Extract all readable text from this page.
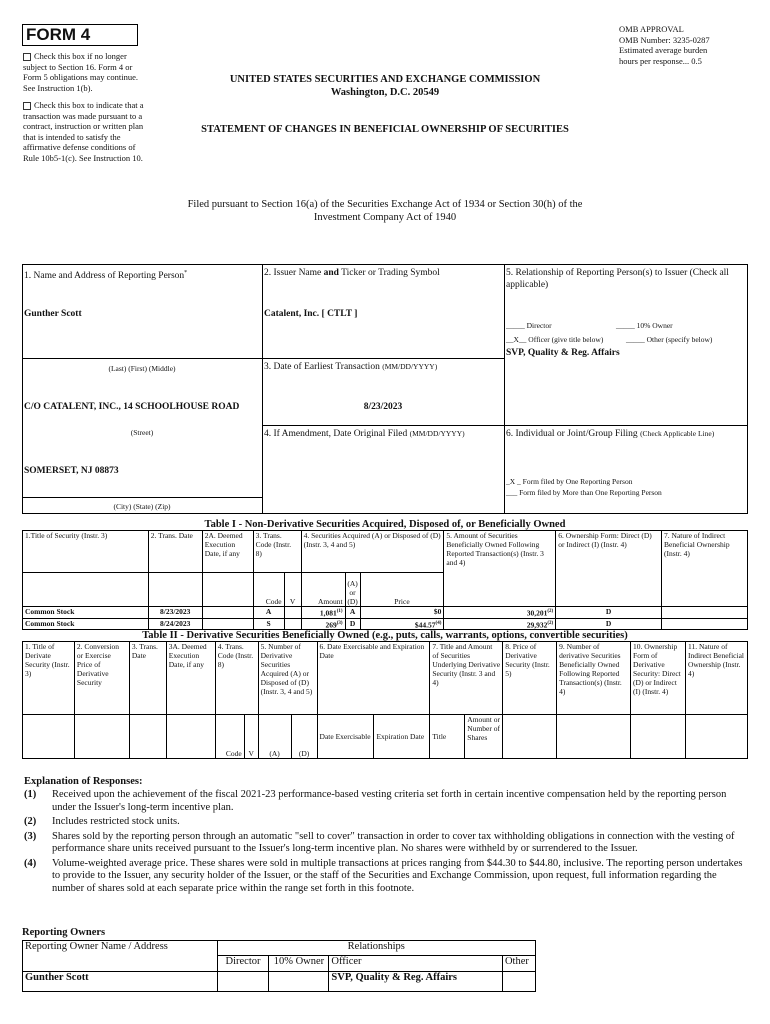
FORM 4	OMB APPROVAL
OMB Number: 3235-0287
Estimated average burden
hours per response... 0.5
Check this box if no longer subject to Section 16. Form 4 or Form 5 obligations may continue. See Instruction 1(b).
Check this box to indicate that a transaction was made pursuant to a contract, instruction or written plan that is intended to satisfy the affirmative defense conditions of Rule 10b5-1(c). See Instruction 10.
UNITED STATES SECURITIES AND EXCHANGE COMMISSION
Washington, D.C. 20549
STATEMENT OF CHANGES IN BENEFICIAL OWNERSHIP OF SECURITIES
Filed pursuant to Section 16(a) of the Securities Exchange Act of 1934 or Section 30(h) of the
Investment Company Act of 1940
1. Name and Address of Reporting Person*
Gunther Scott
(Last) (First) (Middle)
C/O CATALENT, INC., 14 SCHOOLHOUSE ROAD
(Street)
SOMERSET, NJ 08873
(City) (State) (Zip)
2. Issuer Name and Ticker or Trading Symbol
Catalent, Inc. [ CTLT ]
3. Date of Earliest Transaction (MM/DD/YYYY)
8/23/2023
4. If Amendment, Date Original Filed (MM/DD/YYYY)
5. Relationship of Reporting Person(s) to Issuer (Check all applicable)
_____ Director	_____ 10% Owner
__X__ Officer (give title below)	_____ Other (specify below)
SVP, Quality & Reg. Affairs
6. Individual or Joint/Group Filing (Check Applicable Line)
_X _ Form filed by One Reporting Person
___ Form filed by More than One Reporting Person
Table I - Non-Derivative Securities Acquired, Disposed of, or Beneficially Owned
1.Title of Security (Instr. 3)	2. Trans. Date	2A. Deemed Execution Date, if any	3. Trans. Code (Instr. 8)		4. Securities Acquired (A) or Disposed of (D) (Instr. 3, 4 and 5)			5. Amount of Securities Beneficially Owned Following Reported Transaction(s) (Instr. 3 and 4)	6. Ownership Form: Direct (D) or Indirect (I) (Instr. 4)	7. Nature of Indirect Beneficial Ownership (Instr. 4)
			Code	V	Amount	(A) or (D)	Price			
Common Stock	8/23/2023		A		1,081$^{(1)}$	A	$0	30,201$^{(2)}$	D	
Common Stock	8/24/2023		S		269$^{(3)}$	D	$44.57$^{(4)}$	29,932$^{(2)}$	D	
Table II - Derivative Securities Beneficially Owned (e.g., puts, calls, warrants, options, convertible securities)
1. Title of Derivate Security (Instr. 3)	2. Conversion or Exercise Price of Derivative Security	3. Trans. Date	3A. Deemed Execution Date, if any	4. Trans. Code (Instr. 8)		5. Number of Derivative Securities Acquired (A) or Disposed of (D) (Instr. 3, 4 and 5)		6. Date Exercisable and Expiration Date		7. Title and Amount of Securities Underlying Derivative Security (Instr. 3 and 4)		8. Price of Derivative Security (Instr. 5)	9. Number of derivative Securities Beneficially Owned Following Reported Transaction(s) (Instr. 4)	10. Ownership Form of Derivative Security: Direct (D) or Indirect (I) (Instr. 4)	11. Nature of Indirect Beneficial Ownership (Instr. 4)
				Code	V	(A)	(D)	Date Exercisable	Expiration Date	Title	Amount or Number of Shares				
Explanation of Responses:
(1)	Received upon the achievement of the fiscal 2021-23 performance-based vesting criteria set forth in certain incentive compensation held by the reporting person under the Issuer's long-term incentive plan.
(2)	Includes restricted stock units.
(3)	Shares sold by the reporting person through an automatic "sell to cover" transaction in order to cover tax withholding obligations in connection with the vesting of performance share units received pursuant to the Issuer's long-term incentive plan. No shares were withheld by or surrendered to the Issuer.
(4)	Volume-weighted average price. These shares were sold in multiple transactions at prices ranging from $44.30 to $44.80, inclusive. The reporting person undertakes to provide to the Issuer, any security holder of the Issuer, or the staff of the Securities and Exchange Commission, upon request, full information regarding the number of shares sold at each separate price within the range set forth in this footnote.
Reporting Owners
Reporting Owner Name / Address	Relationships			
	Director	10% Owner	Officer	Other
Gunther Scott			SVP, Quality & Reg. Affairs	
